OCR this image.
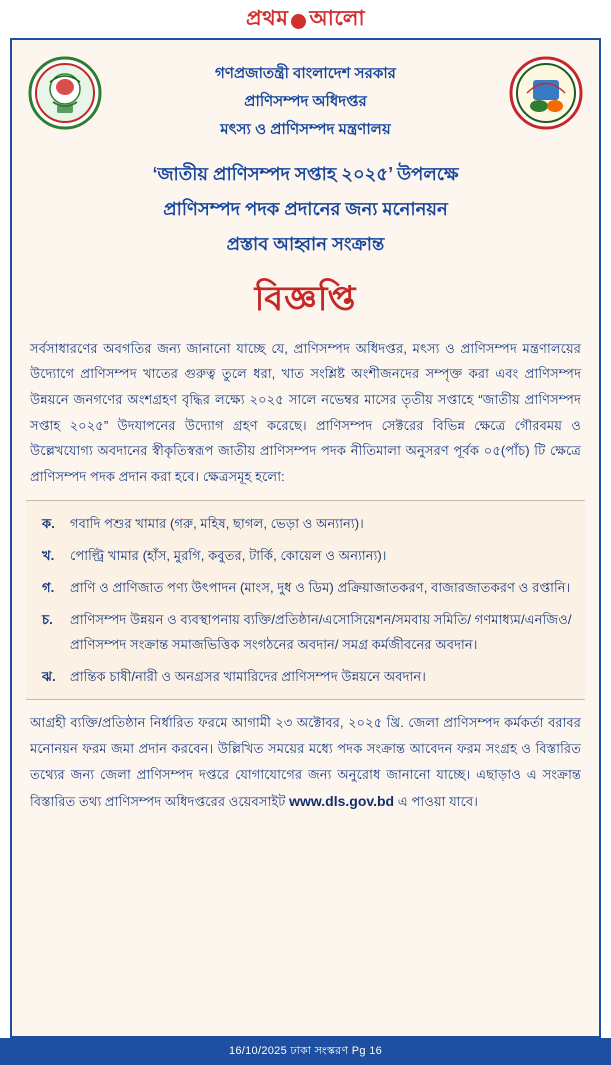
প্রথম আলো
গণপ্রজাতন্ত্রী বাংলাদেশ সরকার
প্রাণিসম্পদ অধিদপ্তর
মৎস্য ও প্রাণিসম্পদ মন্ত্রণালয়
‘জাতীয় প্রাণিসম্পদ সপ্তাহ ২০২৫’ উপলক্ষে
প্রাণিসম্পদ পদক প্রদানের জন্য মনোনয়ন
প্রস্তাব আহ্বান সংক্রান্ত
বিজ্ঞপ্তি
সর্বসাধারণের অবগতির জন্য জানানো যাচ্ছে যে, প্রাণিসম্পদ অধিদপ্তর, মৎস্য ও প্রাণিসম্পদ মন্ত্রণালয়ের উদ্যোগে প্রাণিসম্পদ খাতের গুরুত্ব তুলে ধরা, খাত সংশ্লিষ্ট অংশীজনদের সম্পৃক্ত করা এবং প্রাণিসম্পদ উন্নয়নে জনগণের অংশগ্রহণ বৃদ্ধির লক্ষ্যে ২০২৫ সালে নভেম্বর মাসের তৃতীয় সপ্তাহে “জাতীয় প্রাণিসম্পদ সপ্তাহ ২০২৫” উদযাপনের উদ্যোগ গ্রহণ করেছে। প্রাণিসম্পদ সেক্টরের বিভিন্ন ক্ষেত্রে গৌরবময় ও উল্লেখযোগ্য অবদানের স্বীকৃতিস্বরূপ জাতীয় প্রাণিসম্পদ পদক নীতিমালা অনুসরণ পূর্বক ০৫(পাঁচ) টি ক্ষেত্রে প্রাণিসম্পদ পদক প্রদান করা হবে। ক্ষেত্রসমূহ হলো:
ক.	গবাদি পশুর খামার (গরু, মহিষ, ছাগল, ভেড়া ও অন্যান্য)।
খ.	পোল্ট্রি খামার (হাঁস, মুরগি, কবুতর, টার্কি, কোয়েল ও অন্যান্য)।
গ.	প্রাণি ও প্রাণিজাত পণ্য উৎপাদন (মাংস, দুধ ও ডিম) প্রক্রিয়াজাতকরণ, বাজারজাতকরণ ও রপ্তানি।
চ.	প্রাণিসম্পদ উন্নয়ন ও ব্যবস্থাপনায় ব্যক্তি/প্রতিষ্ঠান/এসোসিয়েশন/সমবায় সমিতি/ গণমাধ্যম/এনজিও/প্রাণিসম্পদ সংক্রান্ত সমাজভিত্তিক সংগঠনের অবদান/ সমগ্র কর্মজীবনের অবদান।
ঝ.	প্রান্তিক চাষী/নারী ও অনগ্রসর খামারিদের প্রাণিসম্পদ উন্নয়নে অবদান।
আগ্রহী ব্যক্তি/প্রতিষ্ঠান নির্ধারিত ফরমে আগামী ২৩ অক্টোবর, ২০২৫ খ্রি. জেলা প্রাণিসম্পদ কর্মকর্তা বরাবর মনোনয়ন ফরম জমা প্রদান করবেন। উল্লিখিত সময়ের মধ্যে পদক সংক্রান্ত আবেদন ফরম সংগ্রহ ও বিস্তারিত তথ্যের জন্য জেলা প্রাণিসম্পদ দপ্তরে যোগাযোগের জন্য অনুরোধ জানানো যাচ্ছে। এছাড়াও এ সংক্রান্ত বিস্তারিত তথ্য প্রাণিসম্পদ অধিদপ্তরের ওয়েবসাইট www.dls.gov.bd এ পাওয়া যাবে।
16/10/2025 ঢাকা সংস্করণ Pg 16
